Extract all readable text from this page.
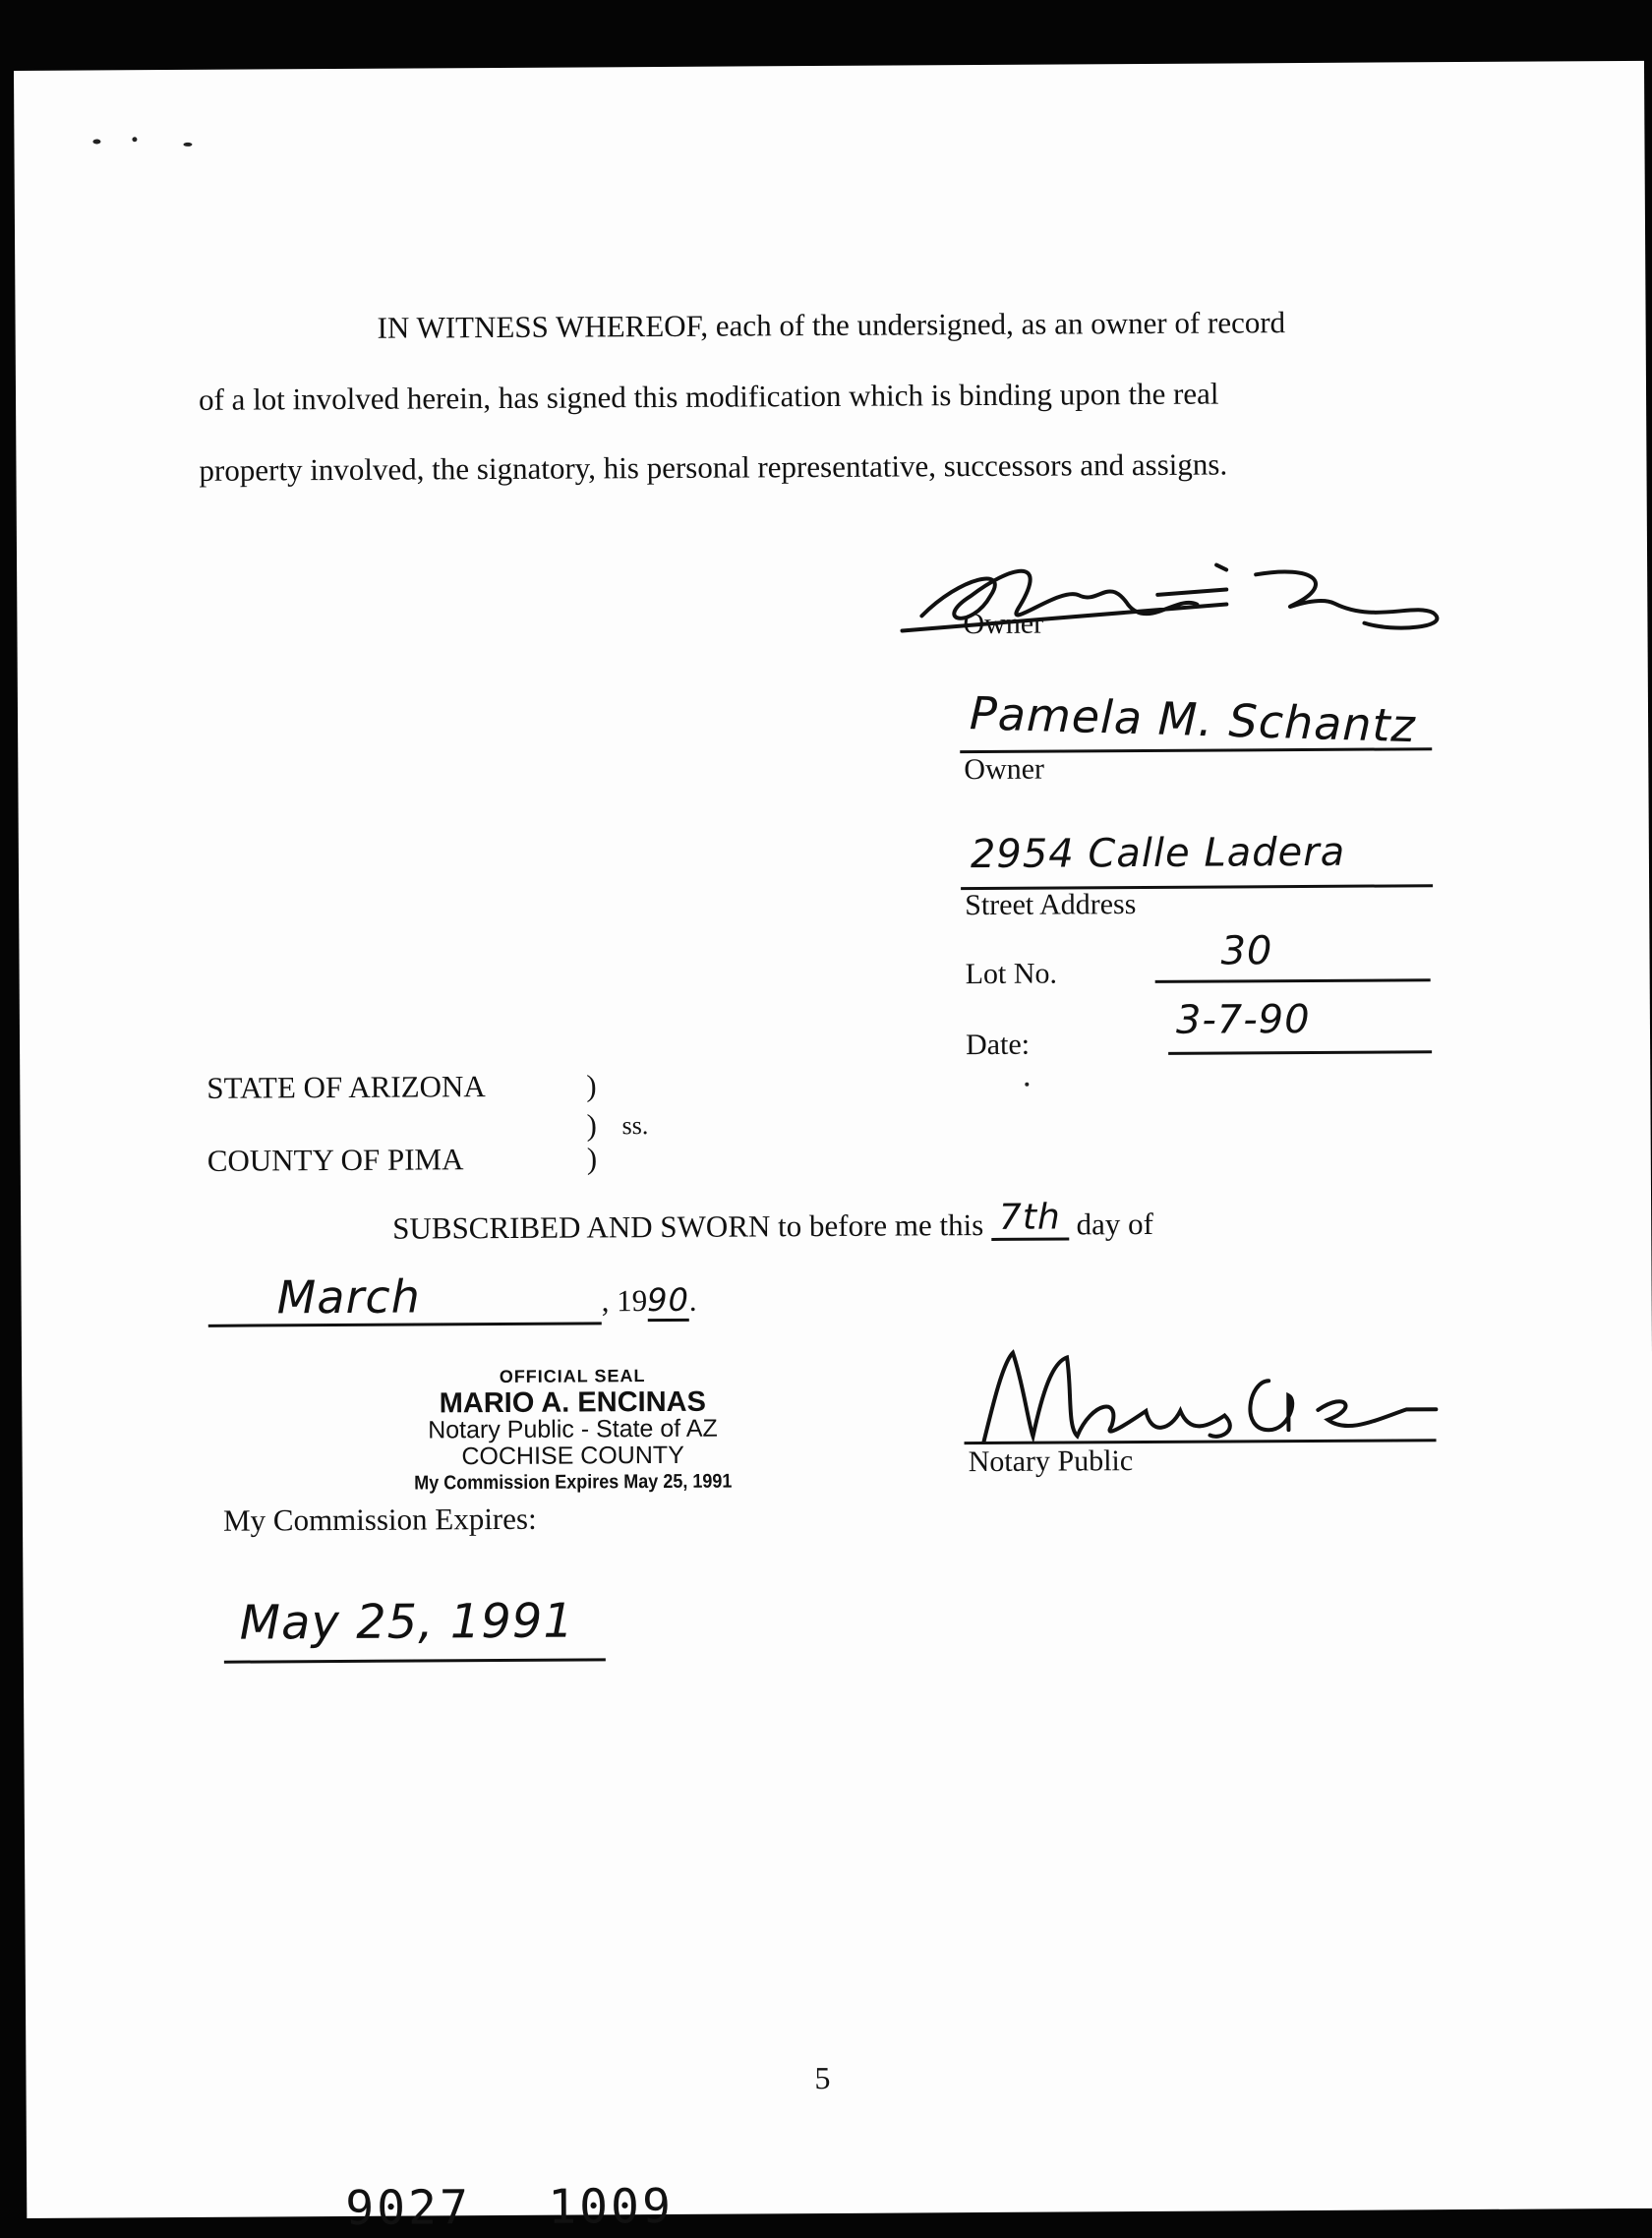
IN WITNESS WHEREOF, each of the undersigned, as an owner of record
of a lot involved herein, has signed this modification which is binding upon the real
property involved, the signatory, his personal representative, successors and assigns.
Owner
Pamela M. Schantz
Owner
2954 Calle Ladera
Street Address
Lot No.	30
Date:
3-7-90
STATE OF ARIZONA	)
) ss.
COUNTY OF PIMA	)
SUBSCRIBED AND SWORN to before me this 7th day of
March	, 1990.
OFFICIAL SEAL
MARIO A. ENCINAS
Notary Public - State of AZ
COCHISE COUNTY
My Commission Expires May 25, 1991
Notary Public
My Commission Expires:
May 25, 1991
5
9027 1009
